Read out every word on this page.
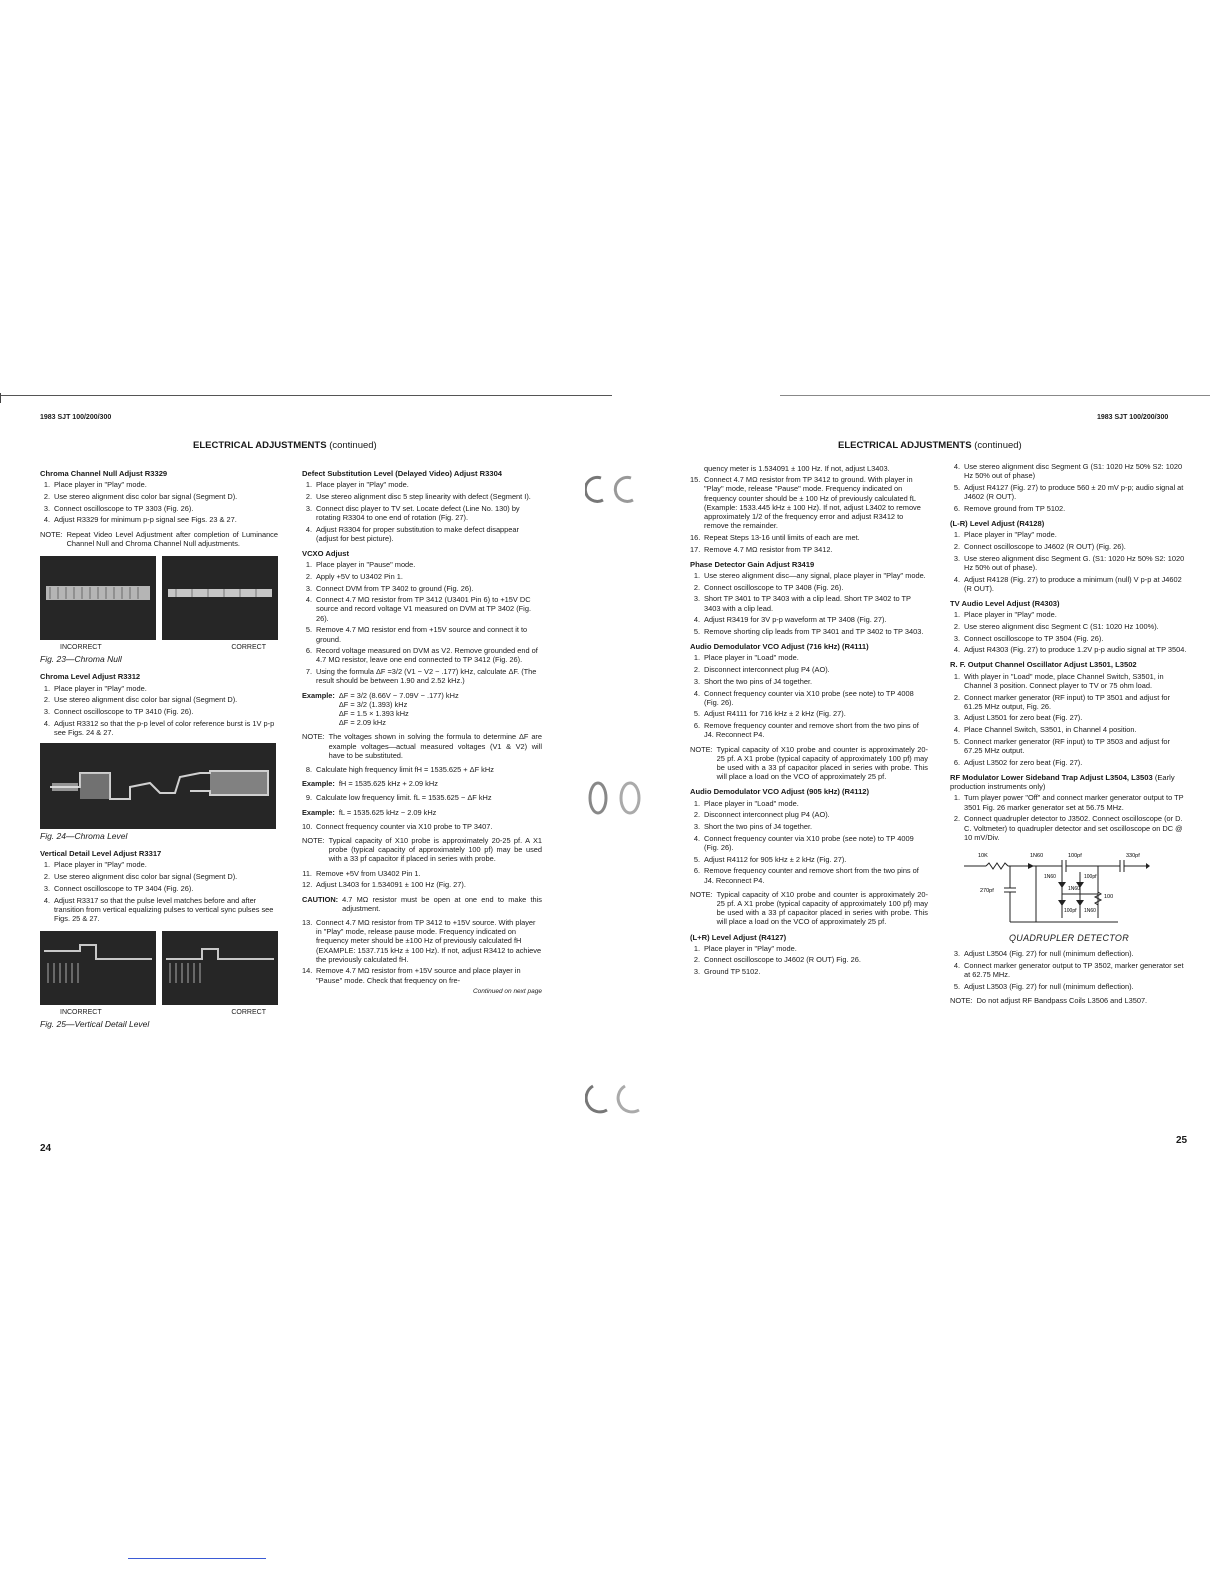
1983 SJT 100/200/300
ELECTRICAL ADJUSTMENTS (continued)
Chroma Channel Null Adjust R3329
1. Place player in "Play" mode.
2. Use stereo alignment disc color bar signal (Segment D).
3. Connect oscilloscope to TP 3303 (Fig. 26).
4. Adjust R3329 for minimum p-p signal see Figs. 23 & 27.
NOTE: Repeat Video Level Adjustment after completion of Luminance Channel Null and Chroma Channel Null adjustments.
INCORRECT	CORRECT
Fig. 23—Chroma Null
Chroma Level Adjust R3312
1. Place player in "Play" mode.
2. Use stereo alignment disc color bar signal (Segment D).
3. Connect oscilloscope to TP 3410 (Fig. 26).
4. Adjust R3312 so that the p-p level of color reference burst is 1V p-p see Figs. 24 & 27.
Fig. 24—Chroma Level
Vertical Detail Level Adjust R3317
1. Place player in "Play" mode.
2. Use stereo alignment disc color bar signal (Segment D).
3. Connect oscilloscope to TP 3404 (Fig. 26).
4. Adjust R3317 so that the pulse level matches before and after transition from vertical equalizing pulses to vertical sync pulses see Figs. 25 & 27.
INCORRECT	CORRECT
Fig. 25—Vertical Detail Level
24
Defect Substitution Level (Delayed Video) Adjust R3304
1. Place player in "Play" mode.
2. Use stereo alignment disc 5 step linearity with defect (Segment I).
3. Connect disc player to TV set. Locate defect (Line No. 130) by rotating R3304 to one end of rotation (Fig. 27).
4. Adjust R3304 for proper substitution to make defect disappear (adjust for best picture).
VCXO Adjust
1. Place player in "Pause" mode.
2. Apply +5V to U3402 Pin 1.
3. Connect DVM from TP 3402 to ground (Fig. 26).
4. Connect 4.7 MΩ resistor from TP 3412 (U3401 Pin 6) to +15V DC source and record voltage V1 measured on DVM at TP 3402 (Fig. 26).
5. Remove 4.7 MΩ resistor end from +15V source and connect it to ground.
6. Record voltage measured on DVM as V2. Remove grounded end of 4.7 MΩ resistor, leave one end connected to TP 3412 (Fig. 26).
7. Using the formula ΔF =3/2 (V1 − V2 − .177) kHz, calculate ΔF. (The result should be between 1.90 and 2.52 kHz.)
Example: ΔF = 3/2 (8.66V − 7.09V − .177) kHz
ΔF = 3/2 (1.393) kHz
ΔF = 1.5 × 1.393 kHz
ΔF = 2.09 kHz
NOTE: The voltages shown in solving the formula to determine ΔF are example voltages—actual measured voltages (V1 & V2) will have to be substituted.
8. Calculate high frequency limit fH = 1535.625 + ΔF kHz
Example: fH = 1535.625 kHz + 2.09 kHz
9. Calculate low frequency limit. fL = 1535.625 − ΔF kHz
Example: fL = 1535.625 kHz − 2.09 kHz
10. Connect frequency counter via X10 probe to TP 3407.
NOTE: Typical capacity of X10 probe is approximately 20-25 pf. A X1 probe (typical capacity of approximately 100 pf) may be used with a 33 pf capacitor if placed in series with probe.
11. Remove +5V from U3402 Pin 1.
12. Adjust L3403 for 1.534091 ± 100 Hz (Fig. 27).
CAUTION: 4.7 MΩ resistor must be open at one end to make this adjustment.
13. Connect 4.7 MΩ resistor from TP 3412 to +15V source. With player in "Play" mode, release pause mode. Frequency indicated on frequency meter should be ±100 Hz of previously calculated fH (EXAMPLE: 1537.715 kHz ± 100 Hz). If not, adjust R3412 to achieve the previously calculated fH.
14. Remove 4.7 MΩ resistor from +15V source and place player in "Pause" mode. Check that frequency on fre-
Continued on next page
1983 SJT 100/200/300
ELECTRICAL ADJUSTMENTS (continued)

quency meter is 1.534091 ± 100 Hz. If not, adjust L3403.

15. Connect 4.7 MΩ resistor from TP 3412 to ground. With player in "Play" mode, release "Pause" mode. Frequency indicated on frequency counter should be ± 100 Hz of previously calculated fL (Example: 1533.445 kHz ± 100 Hz). If not, adjust L3402 to remove approximately 1/2 of the frequency error and adjust R3412 to remove the remainder.
16. Repeat Steps 13-16 until limits of each are met.
17. Remove 4.7 MΩ resistor from TP 3412.
Phase Detector Gain Adjust R3419
1. Use stereo alignment disc—any signal, place player in "Play" mode.
2. Connect oscilloscope to TP 3408 (Fig. 26).
3. Short TP 3401 to TP 3403 with a clip lead. Short TP 3402 to TP 3403 with a clip lead.
4. Adjust R3419 for 3V p-p waveform at TP 3408 (Fig. 27).
5. Remove shorting clip leads from TP 3401 and TP 3402 to TP 3403.
Audio Demodulator VCO Adjust (716 kHz) (R4111)
1. Place player in "Load" mode.
2. Disconnect interconnect plug P4 (AO).
3. Short the two pins of J4 together.
4. Connect frequency counter via X10 probe (see note) to TP 4008 (Fig. 26).
5. Adjust R4111 for 716 kHz ± 2 kHz (Fig. 27).
6. Remove frequency counter and remove short from the two pins of J4. Reconnect P4.
NOTE: Typical capacity of X10 probe and counter is approximately 20-25 pf. A X1 probe (typical capacity of approximately 100 pf) may be used with a 33 pf capacitor placed in series with probe. This will place a load on the VCO of approximately 25 pf.
Audio Demodulator VCO Adjust (905 kHz) (R4112)
1. Place player in "Load" mode.
2. Disconnect interconnect plug P4 (AO).
3. Short the two pins of J4 together.
4. Connect frequency counter via X10 probe (see note) to TP 4009 (Fig. 26).
5. Adjust R4112 for 905 kHz ± 2 kHz (Fig. 27).
6. Remove frequency counter and remove short from the two pins of J4. Reconnect P4.
NOTE: Typical capacity of X10 probe and counter is approximately 20-25 pf. A X1 probe (typical capacity of approximately 100 pf) may be used with a 33 pf capacitor placed in series with probe. This will place a load on the VCO of approximately 25 pf.
(L+R) Level Adjust (R4127)
1. Place player in "Play" mode.
2. Connect oscilloscope to J4602 (R OUT) Fig. 26.
3. Ground TP 5102.
4. Use stereo alignment disc Segment G (S1: 1020 Hz 50% S2: 1020 Hz 50% out of phase)
5. Adjust R4127 (Fig. 27) to produce 560 ± 20 mV p-p; audio signal at J4602 (R OUT).
6. Remove ground from TP 5102.
(L-R) Level Adjust (R4128)
1. Place player in "Play" mode.
2. Connect oscilloscope to J4602 (R OUT) (Fig. 26).
3. Use stereo alignment disc Segment G. (S1: 1020 Hz 50% S2: 1020 Hz 50% out of phase).
4. Adjust R4128 (Fig. 27) to produce a minimum (null) V p-p at J4602 (R OUT).
TV Audio Level Adjust (R4303)
1. Place player in "Play" mode.
2. Use stereo alignment disc Segment C (S1: 1020 Hz 100%).
3. Connect oscilloscope to TP 3504 (Fig. 26).
4. Adjust R4303 (Fig. 27) to produce 1.2V p-p audio signal at TP 3504.
R. F. Output Channel Oscillator Adjust L3501, L3502
1. With player in "Load" mode, place Channel Switch, S3501, in Channel 3 position. Connect player to TV or 75 ohm load.
2. Connect marker generator (RF input) to TP 3501 and adjust for 61.25 MHz output, Fig. 26.
3. Adjust L3501 for zero beat (Fig. 27).
4. Place Channel Switch, S3501, in Channel 4 position.
5. Connect marker generator (RF input) to TP 3503 and adjust for 67.25 MHz output.
6. Adjust L3502 for zero beat (Fig. 27).
RF Modulator Lower Sideband Trap Adjust L3504, L3503 (Early production instruments only)
1. Turn player power "Off" and connect marker generator output to TP 3501 Fig. 26 marker generator set at 56.75 MHz.
2. Connect quadrupler detector to J3502. Connect oscilloscope (or D. C. Voltmeter) to quadrupler detector and set oscilloscope on DC @ 10 mV/Div.
10K	1N60	100pf	330pf
1N60
1N60
100pf
270pf
100pf 1N60
100
QUADRUPLER DETECTOR
3. Adjust L3504 (Fig. 27) for null (minimum deflection).
4. Connect marker generator output to TP 3502, marker generator set at 62.75 MHz.
5. Adjust L3503 (Fig. 27) for null (minimum deflection).
NOTE: Do not adjust RF Bandpass Coils L3506 and L3507.
25
